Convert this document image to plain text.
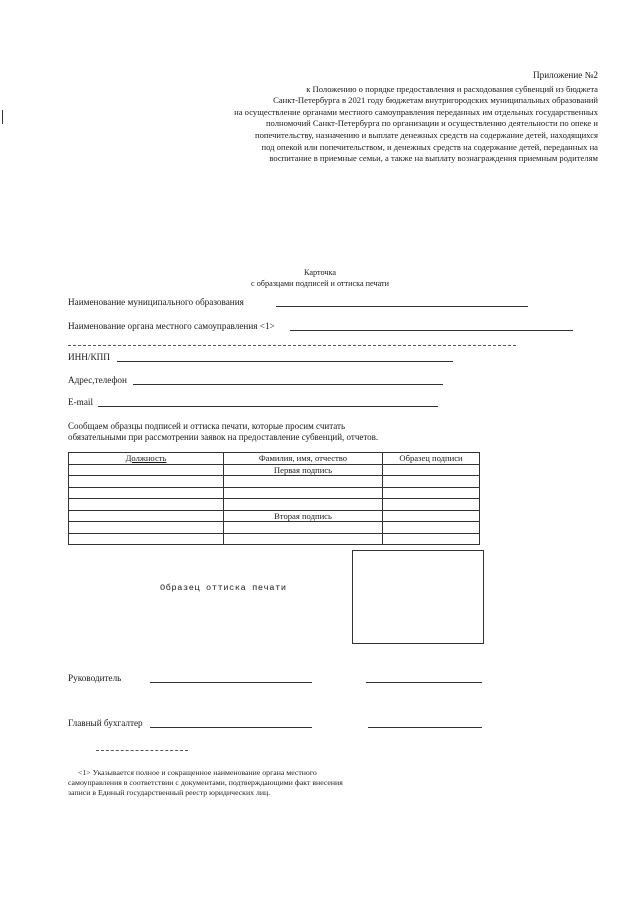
Приложение №2
к Положению о порядке предоставления и расходования субвенций из бюджета
Санкт-Петербурга в 2021 году бюджетам внутригородских муниципальных образований
на осуществление органами местного самоуправления переданных им отдельных государственных
полномочий Санкт-Петербурга по организации и осуществлению деятельности по опеке и
попечительству, назначению и выплате денежных средств на содержание детей, находящихся
под опекой или попечительством, и денежных средств на содержание детей, переданных на
воспитание в приемные семьи, а также на выплату вознаграждения приемным родителям
Карточка
с образцами подписей и оттиска печати
Наименование муниципального образования
Наименование органа местного самоуправления <1>
ИНН/КПП
Адрес,телефон
E-mail
Сообщаем образцы подписей и оттиска печати, которые просим считать
обязательными при рассмотрении заявок на предоставление субвенций, отчетов.
Должность	Фамилия, имя, отчество	Образец подписи
	Первая подпись	

	Вторая подпись	

Образец оттиска печати
Руководитель
Главный бухгалтер
<1> Указывается полное и сокращенное наименование органа местного
самоуправления в соответствии с документами, подтверждающими факт внесения
записи в Единый государственный реестр юридических лиц.
